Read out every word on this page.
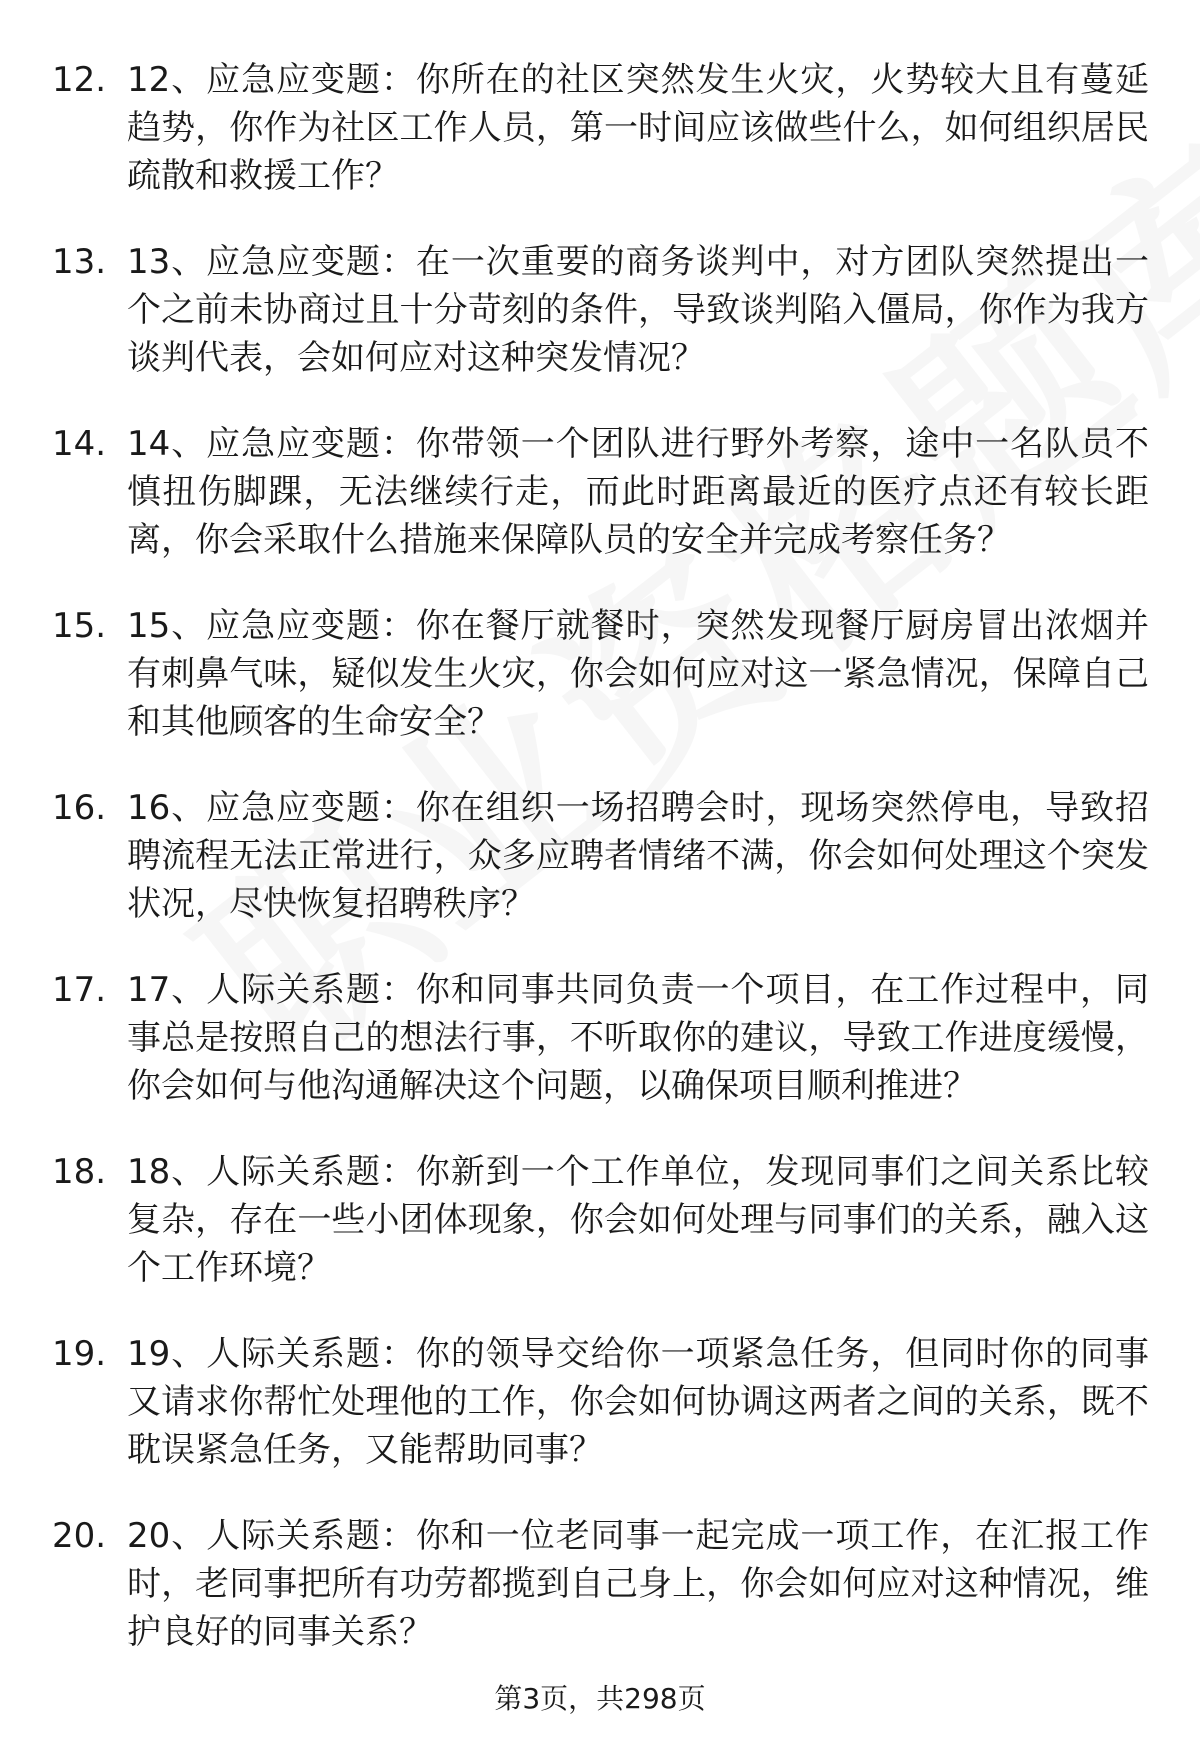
12. 12、应急应变题：你所在的社区突然发生火灾，火势较大且有蔓延趋势，你作为社区工作人员，第一时间应该做些什么，如何组织居民疏散和救援工作？
13. 13、应急应变题：在一次重要的商务谈判中，对方团队突然提出一个之前未协商过且十分苛刻的条件，导致谈判陷入僵局，你作为我方谈判代表，会如何应对这种突发情况？
14. 14、应急应变题：你带领一个团队进行野外考察，途中一名队员不慎扭伤脚踝，无法继续行走，而此时距离最近的医疗点还有较长距离，你会采取什么措施来保障队员的安全并完成考察任务？
15. 15、应急应变题：你在餐厅就餐时，突然发现餐厅厨房冒出浓烟并有刺鼻气味，疑似发生火灾，你会如何应对这一紧急情况，保障自己和其他顾客的生命安全？
16. 16、应急应变题：你在组织一场招聘会时，现场突然停电，导致招聘流程无法正常进行，众多应聘者情绪不满，你会如何处理这个突发状况，尽快恢复招聘秩序？
17. 17、人际关系题：你和同事共同负责一个项目，在工作过程中，同事总是按照自己的想法行事，不听取你的建议，导致工作进度缓慢，你会如何与他沟通解决这个问题，以确保项目顺利推进？
18. 18、人际关系题：你新到一个工作单位，发现同事们之间关系比较复杂，存在一些小团体现象，你会如何处理与同事们的关系，融入这个工作环境？
19. 19、人际关系题：你的领导交给你一项紧急任务，但同时你的同事又请求你帮忙处理他的工作，你会如何协调这两者之间的关系，既不耽误紧急任务，又能帮助同事？
20. 20、人际关系题：你和一位老同事一起完成一项工作，在汇报工作时，老同事把所有功劳都揽到自己身上，你会如何应对这种情况，维护良好的同事关系？
第3页，共298页
